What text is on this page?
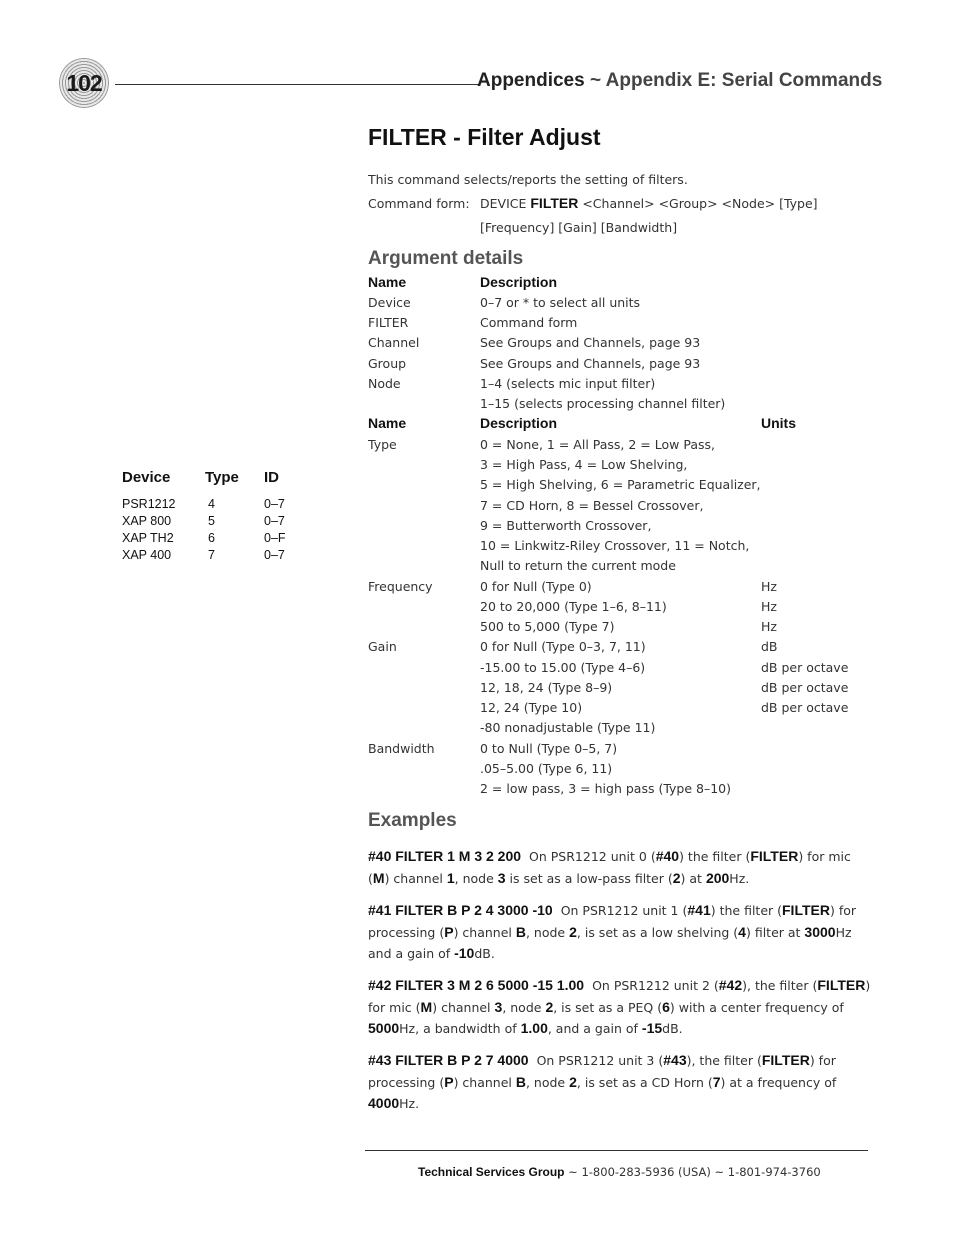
102	Appendices ~ Appendix E: Serial Commands
FILTER - Filter Adjust
This command selects/reports the setting of filters.
Command form: DEVICE FILTER <Channel> <Group> <Node> [Type]
[Frequency] [Gain] [Bandwidth]
Argument details
Name	Description
Device	0–7 or * to select all units
FILTER	Command form
Channel	See Groups and Channels, page 93
Group	See Groups and Channels, page 93
Node	1–4 (selects mic input filter)
1–15 (selects processing channel filter)
Name	Description	Units
Type	0 = None, 1 = All Pass, 2 = Low Pass,
3 = High Pass, 4 = Low Shelving,
5 = High Shelving, 6 = Parametric Equalizer,
7 = CD Horn, 8 = Bessel Crossover,
9 = Butterworth Crossover,
10 = Linkwitz-Riley Crossover, 11 = Notch,
Null to return the current mode
Frequency	0 for Null (Type 0)	Hz
20 to 20,000 (Type 1–6, 8–11)	Hz
500 to 5,000 (Type 7)	Hz
Gain	0 for Null (Type 0–3, 7, 11)	dB
-15.00 to 15.00 (Type 4–6)	dB per octave
12, 18, 24 (Type 8–9)	dB per octave
12, 24 (Type 10)	dB per octave
-80 nonadjustable (Type 11)
Bandwidth	0 to Null (Type 0–5, 7)
.05–5.00 (Type 6, 11)
2 = low pass, 3 = high pass (Type 8–10)
Device Type ID
PSR1212	4	0–7
XAP 800	5	0–7
XAP TH2	6	0–F
XAP 400	7	0–7
Examples
#40 FILTER 1 M 3 2 200 On PSR1212 unit 0 (#40) the filter (FILTER) for mic (M) channel 1, node 3 is set as a low-pass filter (2) at 200Hz.
#41 FILTER B P 2 4 3000 -10 On PSR1212 unit 1 (#41) the filter (FILTER) for processing (P) channel B, node 2, is set as a low shelving (4) filter at 3000Hz and a gain of -10dB.
#42 FILTER 3 M 2 6 5000 -15 1.00 On PSR1212 unit 2 (#42), the filter (FILTER) for mic (M) channel 3, node 2, is set as a PEQ (6) with a center frequency of 5000Hz, a bandwidth of 1.00, and a gain of -15dB.
#43 FILTER B P 2 7 4000 On PSR1212 unit 3 (#43), the filter (FILTER) for processing (P) channel B, node 2, is set as a CD Horn (7) at a frequency of 4000Hz.
Technical Services Group ~ 1-800-283-5936 (USA) ~ 1-801-974-3760
